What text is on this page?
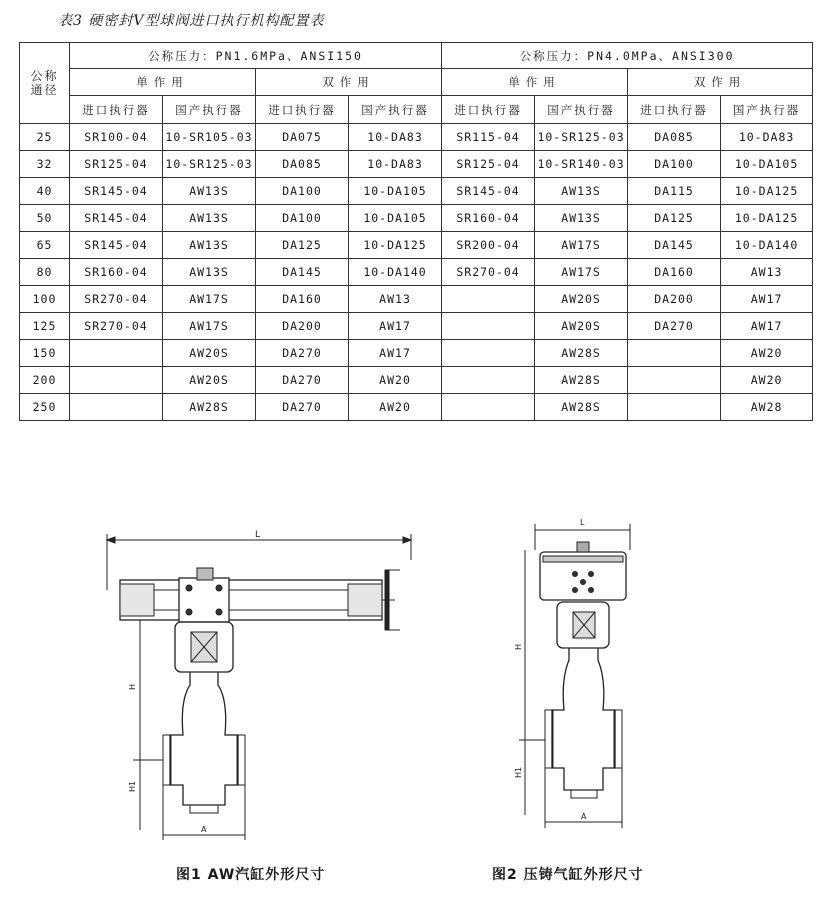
表3 硬密封V型球阀进口执行机构配置表
公称
通径	公称压力：PN1.6MPa、ANSI150				公称压力：PN4.0MPa、ANSI300			
	单作用		双作用		单作用		双作用	
	进口执行器	国产执行器	进口执行器	国产执行器	进口执行器	国产执行器	进口执行器	国产执行器
25	SR100-04	10-SR105-03	DA075	10-DA83	SR115-04	10-SR125-03	DA085	10-DA83
32	SR125-04	10-SR125-03	DA085	10-DA83	SR125-04	10-SR140-03	DA100	10-DA105
40	SR145-04	AW13S	DA100	10-DA105	SR145-04	AW13S	DA115	10-DA125
50	SR145-04	AW13S	DA100	10-DA105	SR160-04	AW13S	DA125	10-DA125
65	SR145-04	AW13S	DA125	10-DA125	SR200-04	AW17S	DA145	10-DA140
80	SR160-04	AW13S	DA145	10-DA140	SR270-04	AW17S	DA160	AW13
100	SR270-04	AW17S	DA160	AW13		AW20S	DA200	AW17
125	SR270-04	AW17S	DA200	AW17		AW20S	DA270	AW17
150		AW20S	DA270	AW17		AW28S		AW20
200		AW20S	DA270	AW20		AW28S		AW20
250		AW28S	DA270	AW20		AW28S		AW28
L
H
H1
A
L
H
H1
A
图1 AW汽缸外形尺寸	图2 压铸气缸外形尺寸
